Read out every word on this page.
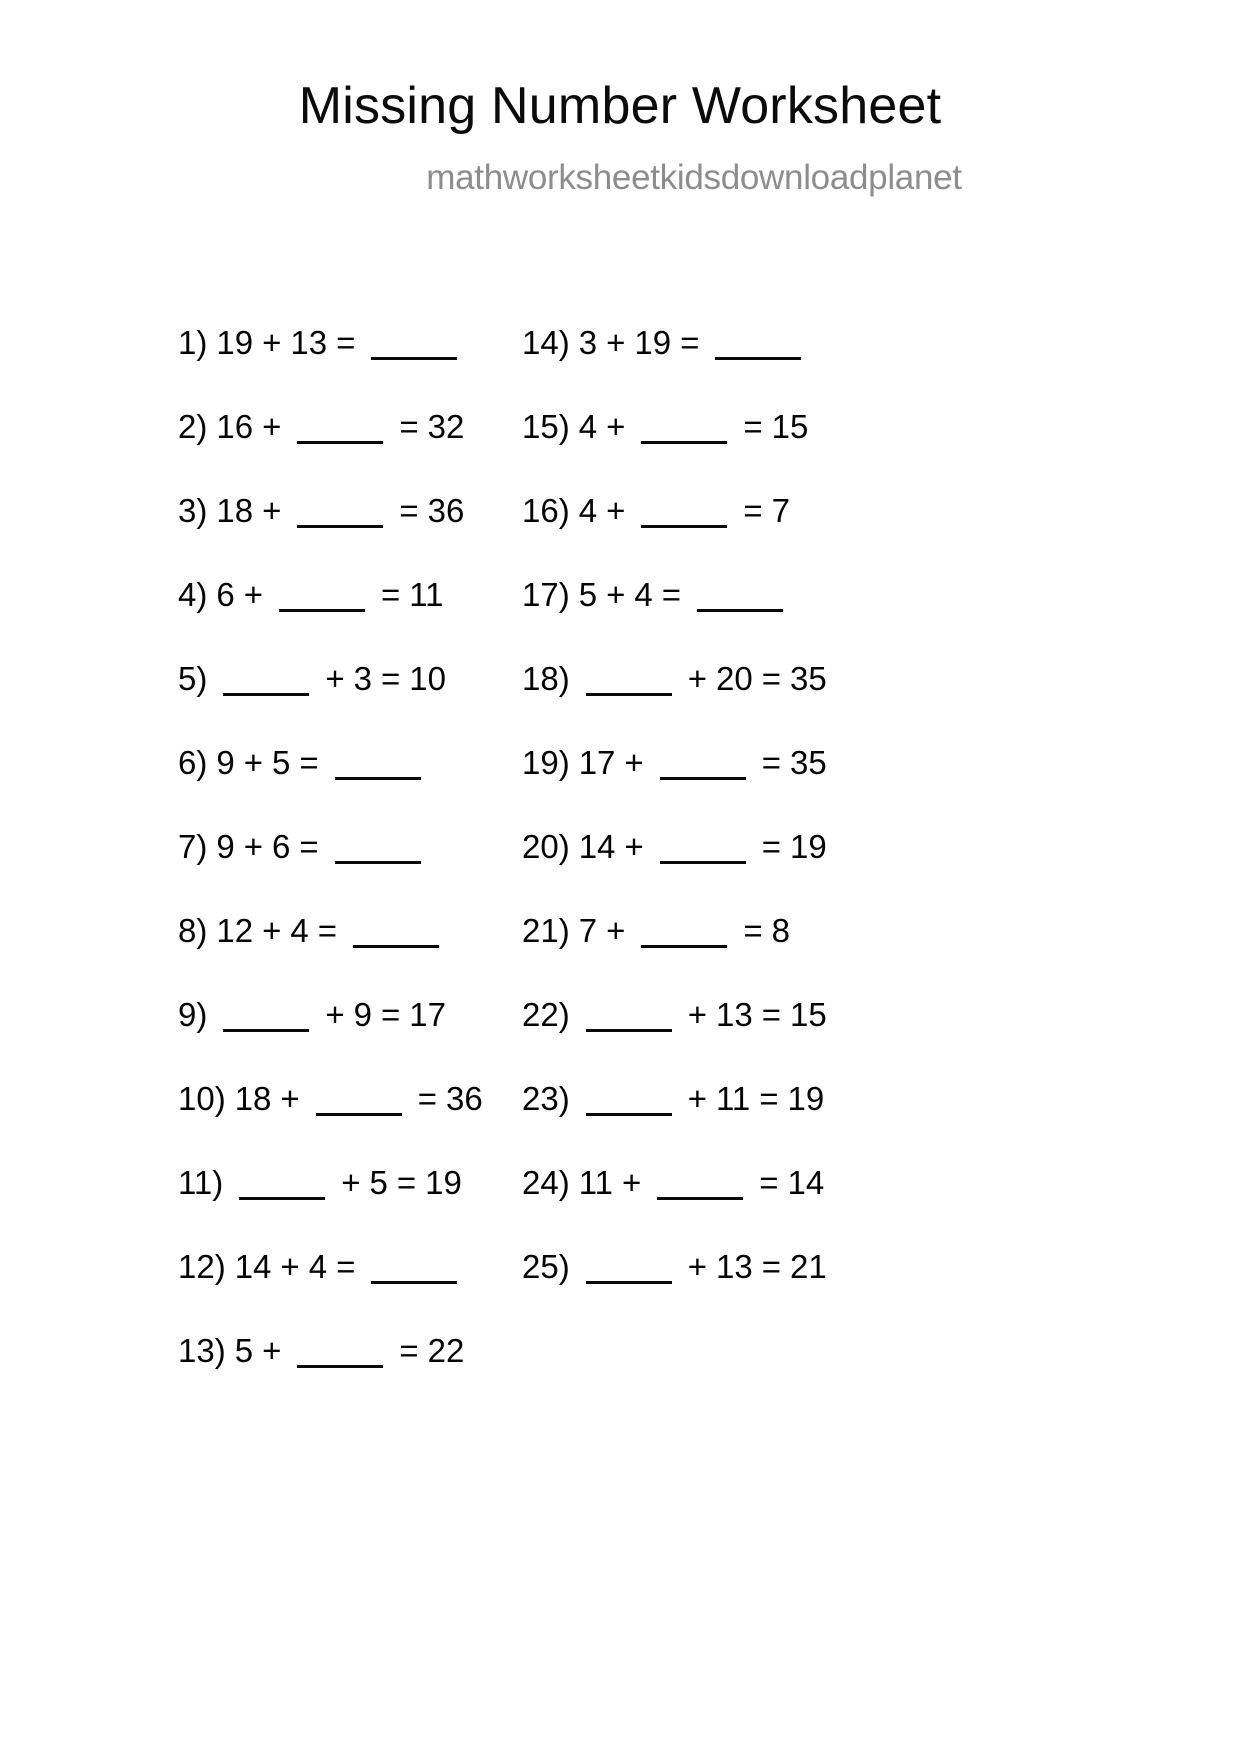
Missing Number Worksheet
mathworksheetkidsdownloadplanet
1) 19 + 13 =
2) 16 +	= 32
3) 18 +	= 36
4) 6 +	= 11
5)	+ 3 = 10
6) 9 + 5 =
7) 9 + 6 =
8) 12 + 4 =
9)	+ 9 = 17
10) 18 +	= 36
11)	+ 5 = 19
12) 14 + 4 =
13) 5 +	= 22
14) 3 + 19 =
15) 4 +	= 15
16) 4 +	= 7
17) 5 + 4 =
18)	+ 20 = 35
19) 17 +	= 35
20) 14 +	= 19
21) 7 +	= 8
22)	+ 13 = 15
23)	+ 11 = 19
24) 11 +	= 14
25)	+ 13 = 21
